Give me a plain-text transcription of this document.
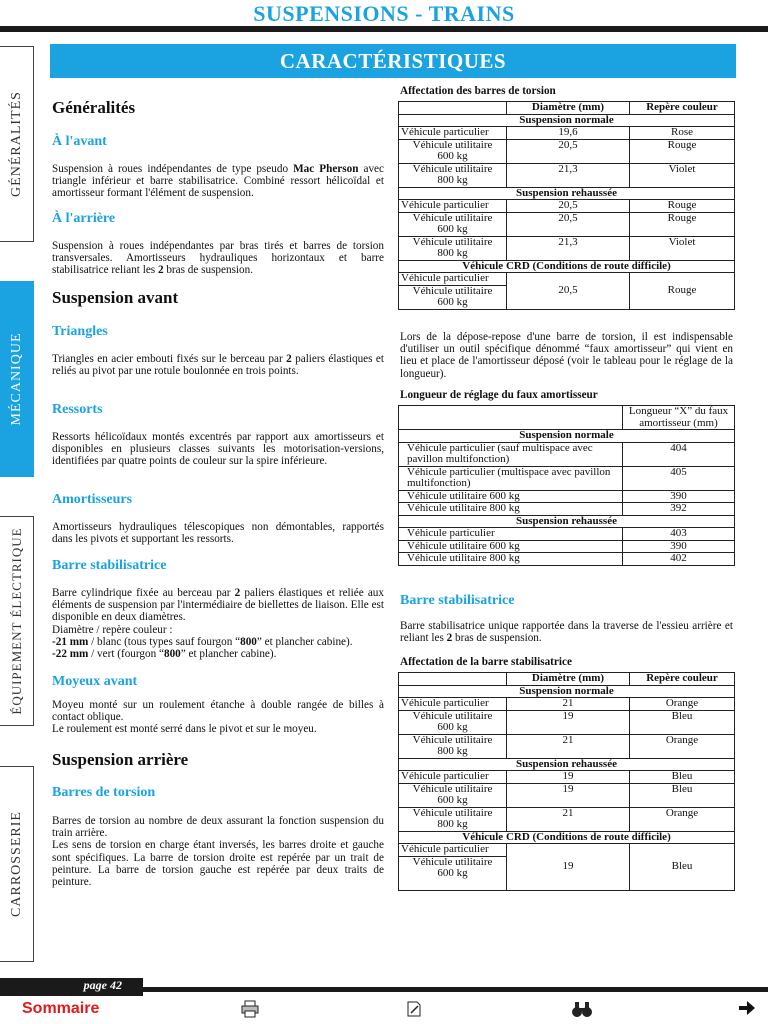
SUSPENSIONS - TRAINS
CARACTÉRISTIQUES
GÉNÉRALITÉS
MÉCANIQUE
ÉQUIPEMENT ÉLECTRIQUE
CARROSSERIE
Généralités
À l'avant
Suspension à roues indépendantes de type pseudo Mac Pherson avec triangle inférieur et barre stabilisatrice. Combiné ressort hélicoïdal et amortisseur formant l'élément de suspension.
À l'arrière
Suspension à roues indépendantes par bras tirés et barres de torsion transversales. Amortisseurs hydrauliques horizontaux et barre stabilisatrice reliant les 2 bras de suspension.
Suspension avant
Triangles
Triangles en acier embouti fixés sur le berceau par 2 paliers élastiques et reliés au pivot par une rotule boulonnée en trois points.
Ressorts
Ressorts hélicoïdaux montés excentrés par rapport aux amortisseurs et disponibles en plusieurs classes suivants les motorisation-versions, identifiées par quatre points de couleur sur la spire inférieure.
Amortisseurs
Amortisseurs hydrauliques télescopiques non démontables, rapportés dans les pivots et supportant les ressorts.
Barre stabilisatrice
Barre cylindrique fixée au berceau par 2 paliers élastiques et reliée aux éléments de suspension par l'intermédiaire de biellettes de liaison. Elle est disponible en deux diamètres.
Diamètre / repère couleur :
-21 mm / blanc (tous types sauf fourgon “800” et plancher cabine).
-22 mm / vert (fourgon “800” et plancher cabine).
Moyeux avant
Moyeu monté sur un roulement étanche à double rangée de billes à contact oblique.
Le roulement est monté serré dans le pivot et sur le moyeu.
Suspension arrière
Barres de torsion
Barres de torsion au nombre de deux assurant la fonction suspension du train arrière.
Les sens de torsion en charge étant inversés, les barres droite et gauche sont spécifiques. La barre de torsion droite est repérée par un trait de peinture. La barre de torsion gauche est repérée par deux traits de peinture.
Affectation des barres de torsion
	Diamètre (mm)	Repère couleur
Suspension normale		
Véhicule particulier	19,6	Rose
Véhicule utilitaire
600 kg	20,5	Rouge
Véhicule utilitaire
800 kg	21,3	Violet
Suspension rehaussée		
Véhicule particulier	20,5	Rouge
Véhicule utilitaire
600 kg	20,5	Rouge
Véhicule utilitaire
800 kg	21,3	Violet
Véhicule CRD (Conditions de route difficile)		
Véhicule particulier	20,5	Rouge
Véhicule utilitaire
600 kg		
Lors de la dépose-repose d'une barre de torsion, il est indispensable d'utiliser un outil spécifique dénommé “faux amortisseur” qui vient en lieu et place de l'amortisseur déposé (voir le tableau pour le réglage de la longueur).
Longueur de réglage du faux amortisseur
	Longueur “X” du faux amortisseur (mm)
Suspension normale	
Véhicule particulier (sauf multispace avec pavillon multifonction)	404
Véhicule particulier (multispace avec pavillon multifonction)	405
Véhicule utilitaire 600 kg	390
Véhicule utilitaire 800 kg	392
Suspension rehaussée	
Véhicule particulier	403
Véhicule utilitaire 600 kg	390
Véhicule utilitaire 800 kg	402
Barre stabilisatrice
Barre stabilisatrice unique rapportée dans la traverse de l'essieu arrière et reliant les 2 bras de suspension.
Affectation de la barre stabilisatrice
	Diamètre (mm)	Repère couleur
Suspension normale		
Véhicule particulier	21	Orange
Véhicule utilitaire
600 kg	19	Bleu
Véhicule utilitaire
800 kg	21	Orange
Suspension rehaussée		
Véhicule particulier	19	Bleu
Véhicule utilitaire
600 kg	19	Bleu
Véhicule utilitaire
800 kg	21	Orange
Véhicule CRD (Conditions de route difficile)		
Véhicule particulier	19	Bleu
Véhicule utilitaire
600 kg		
page 42
Sommaire
